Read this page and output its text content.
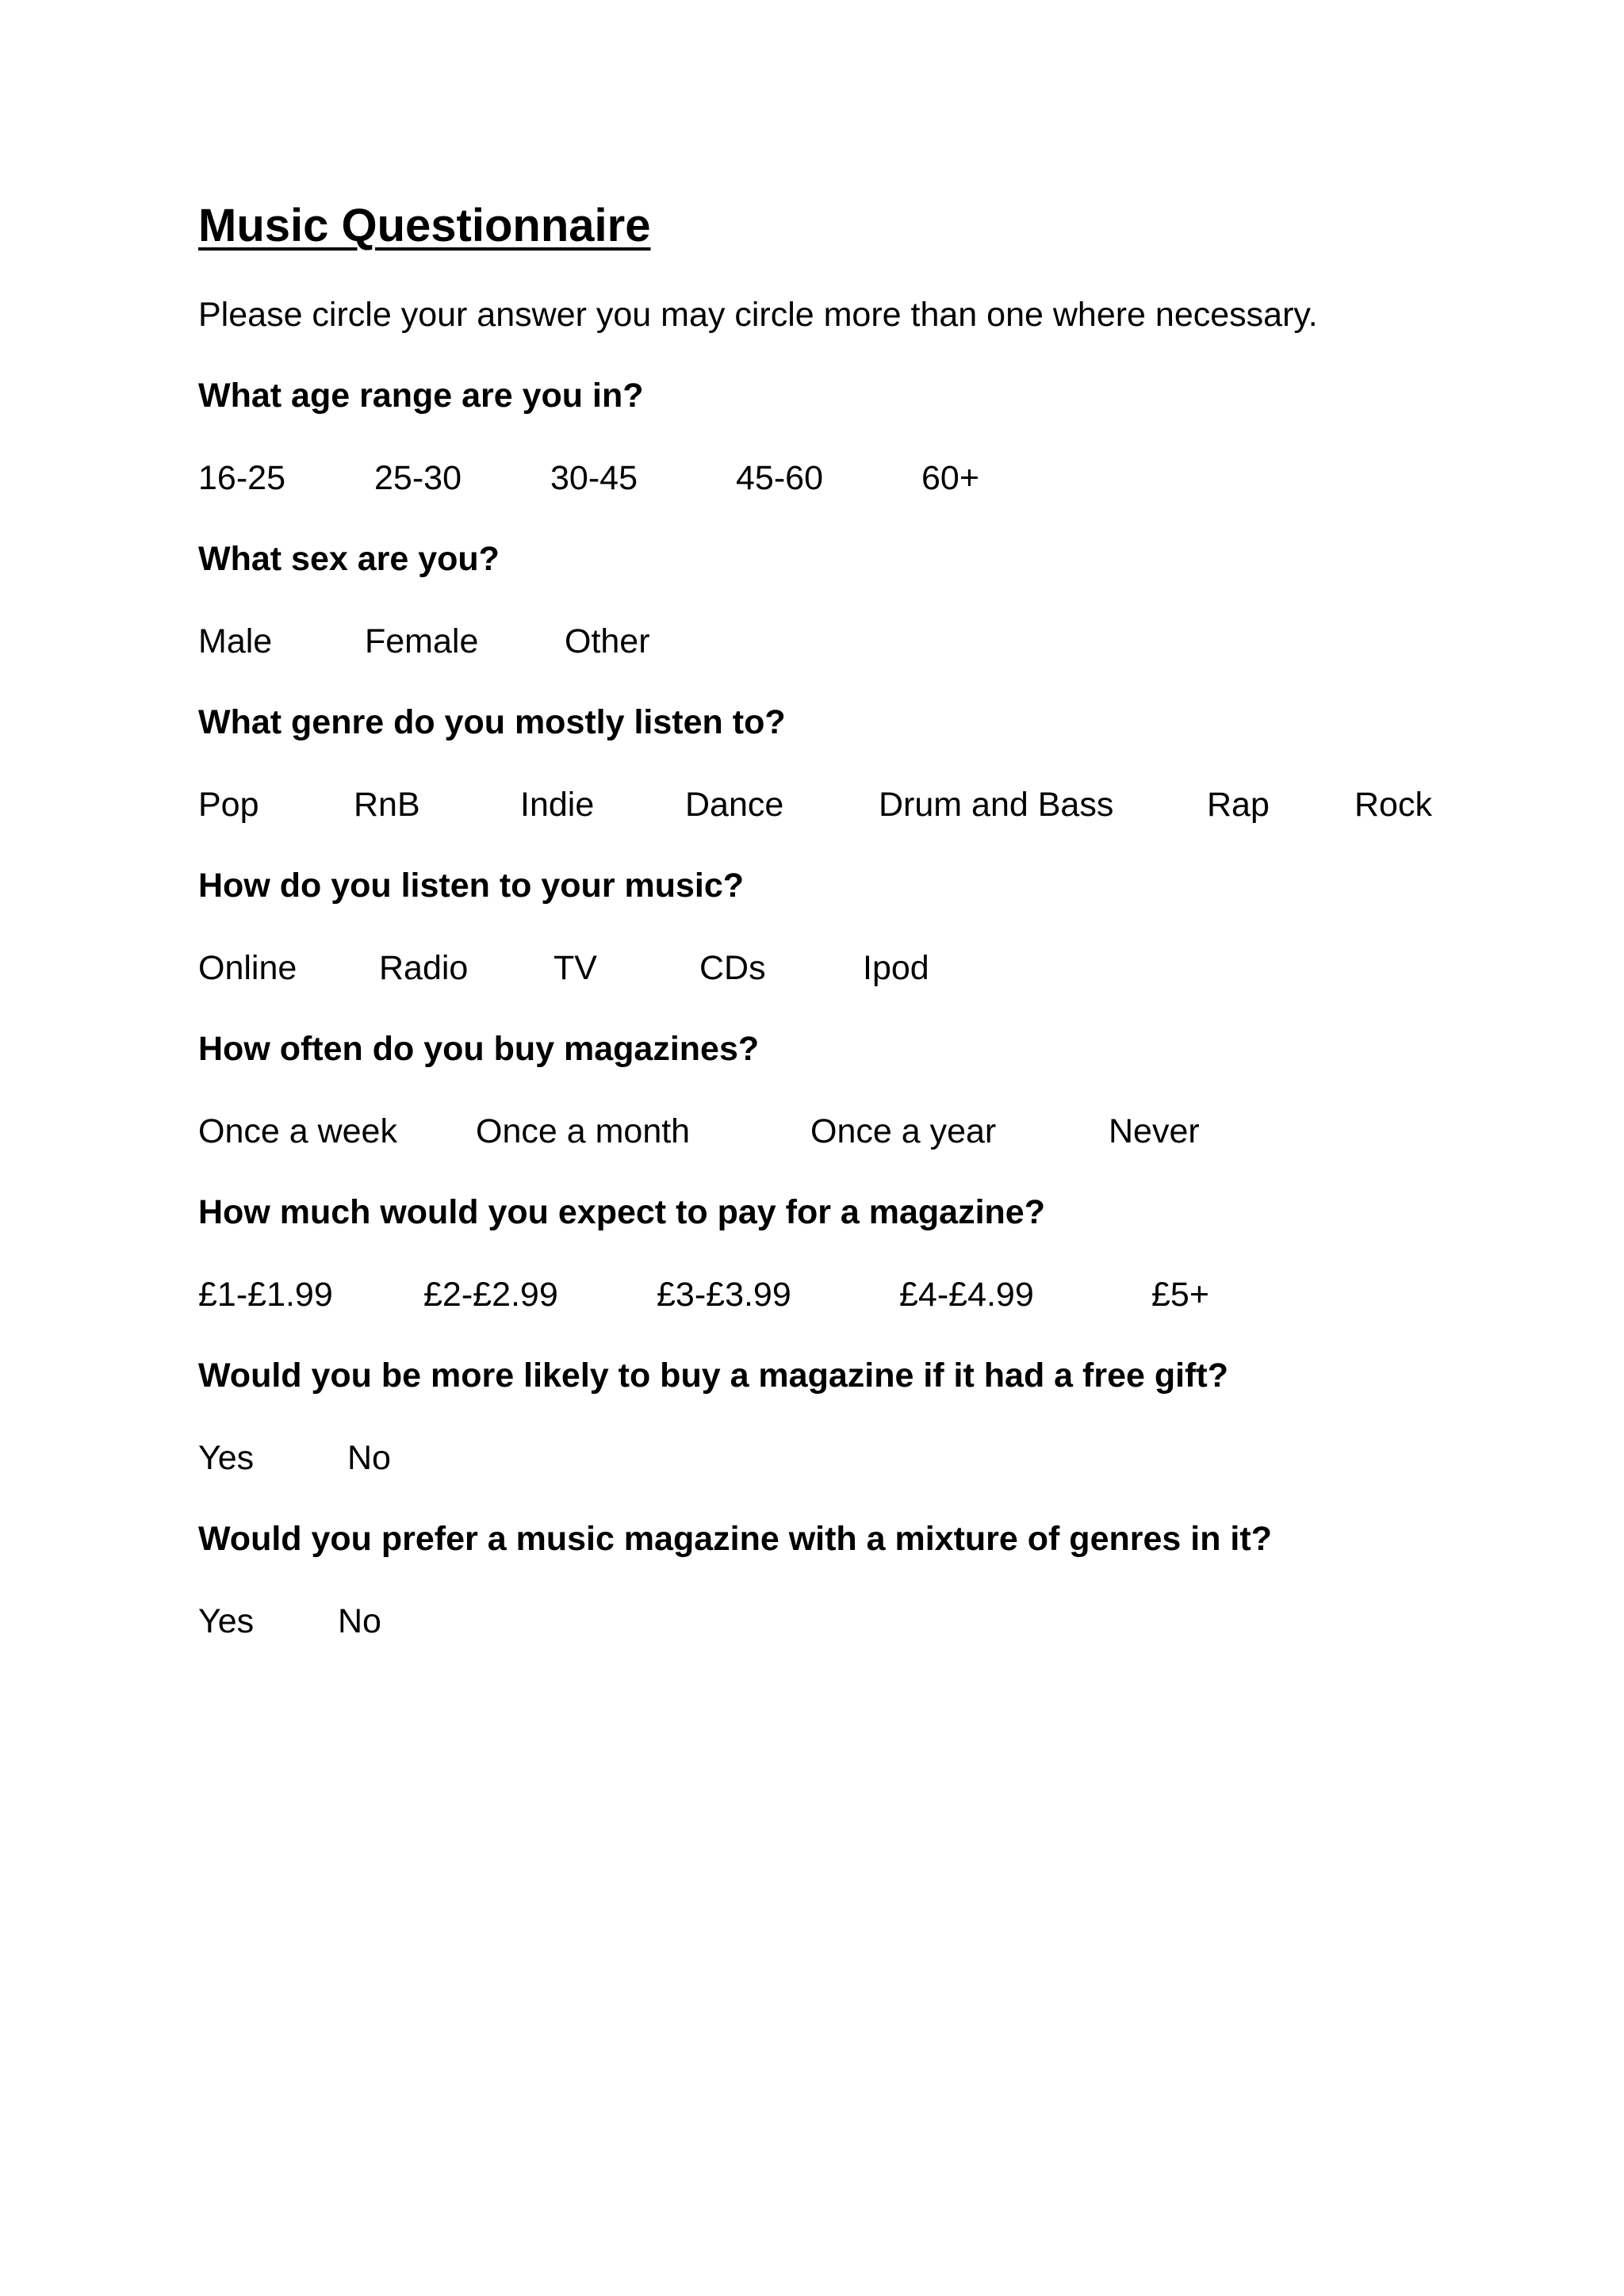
Music Questionnaire

Please circle your answer you may circle more than one where necessary.

What age range are you in?

16-25	25-30	30-45	45-60	60+

What sex are you?

Male	Female	Other

What genre do you mostly listen to?

Pop	RnB	Indie	Dance	Drum and Bass	Rap Rock

How do you listen to your music?

Online Radio	TV	CDs	Ipod

How often do you buy magazines?

Once a week Once a month	Once a year	Never

How much would you expect to pay for a magazine?

£1-£1.99	£2-£2.99	£3-£3.99	£4-£4.99	£5+

Would you be more likely to buy a magazine if it had a free gift?

Yes	No

Would you prefer a music magazine with a mixture of genres in it?

Yes No
